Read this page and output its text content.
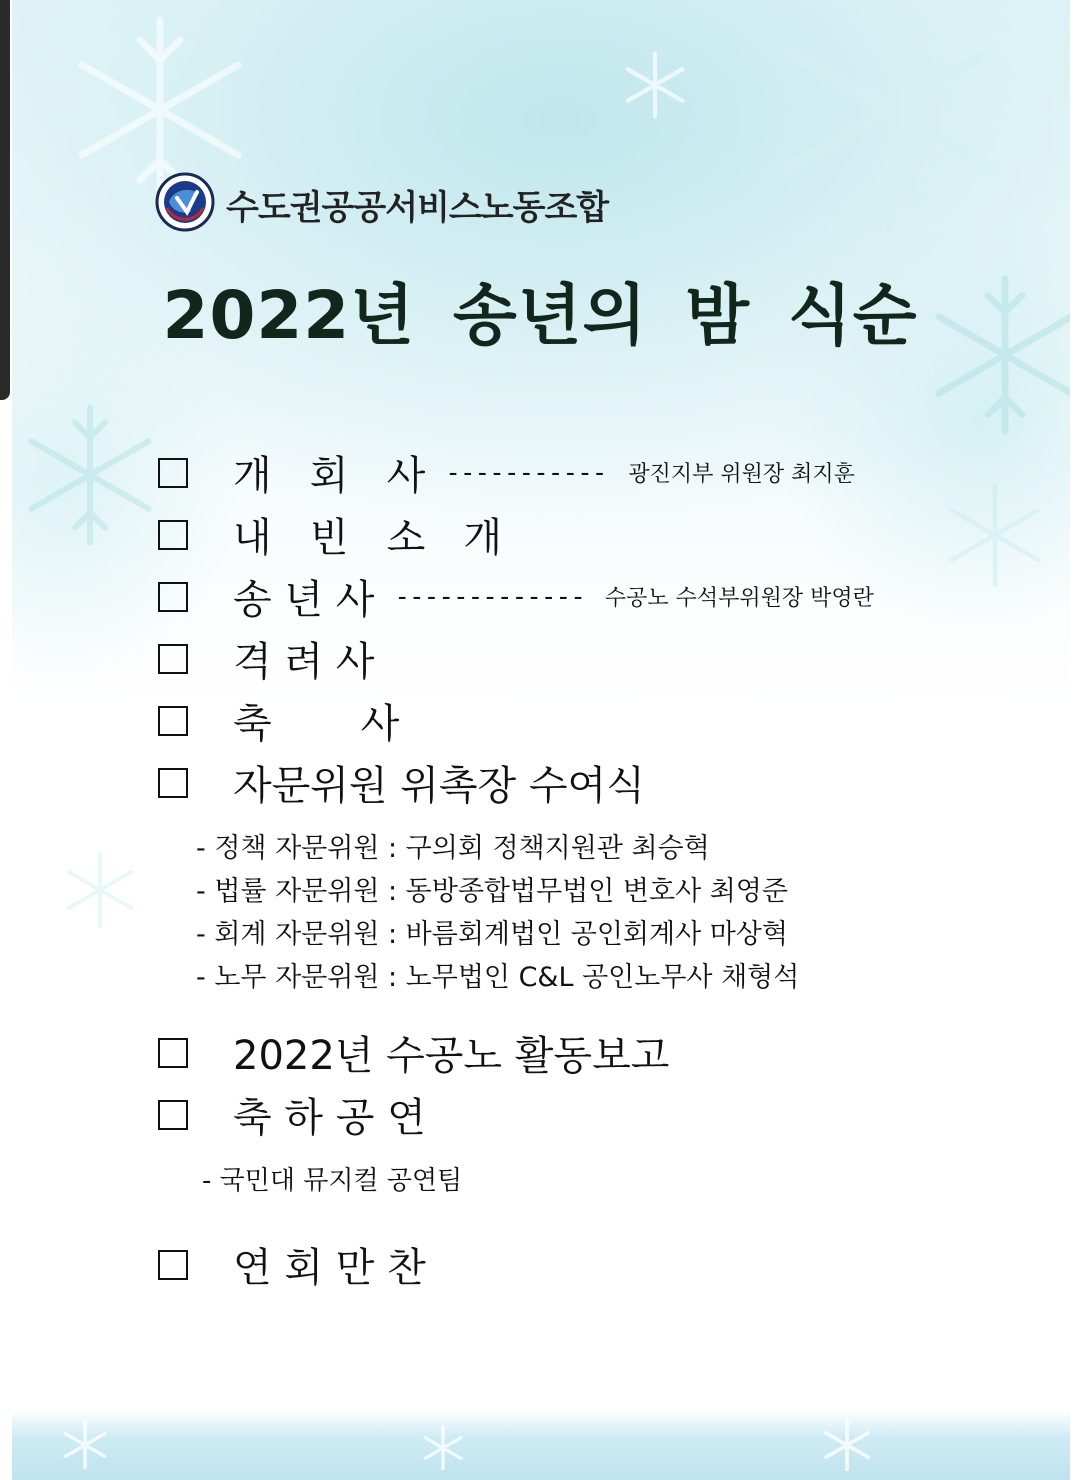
수도권공공서비스노동조합
2022년 송년의 밤 식순
개   회   사 ----------- 광진지부 위원장 최지훈
내   빈   소   개
송 년 사 ------------- 수공노 수석부위원장 박영란
격 려 사
축       사
자문위원 위촉장 수여식
- 정책 자문위원 : 구의회 정책지원관 최승혁
- 법률 자문위원 : 동방종합법무법인 변호사 최영준
- 회계 자문위원 : 바름회계법인 공인회계사 마상혁
- 노무 자문위원 : 노무법인 C&L 공인노무사 채형석
2022년 수공노 활동보고
축 하 공 연
- 국민대 뮤지컬 공연팀
연 회 만 찬
